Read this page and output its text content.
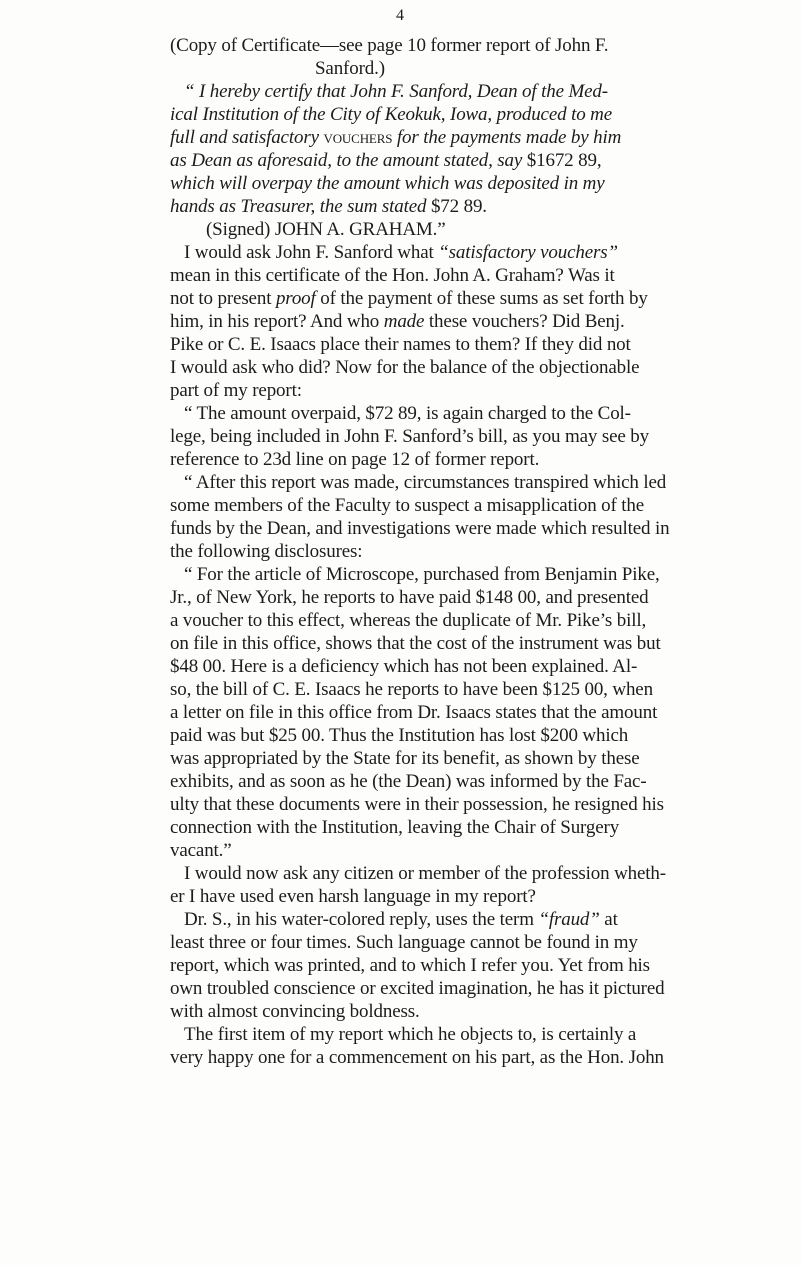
4
(Copy of Certificate—see page 10 former report of John F.
Sanford.)
“ I hereby certify that John F. Sanford, Dean of the Med-
ical Institution of the City of Keokuk, Iowa, produced to me
full and satisfactory vouchers for the payments made by him
as Dean as aforesaid, to the amount stated, say $1672 89,
which will overpay the amount which was deposited in my
hands as Treasurer, the sum stated $72 89.
(Signed) JOHN A. GRAHAM.”
I would ask John F. Sanford what “satisfactory vouchers”
mean in this certificate of the Hon. John A. Graham? Was it
not to present proof of the payment of these sums as set forth by
him, in his report? And who made these vouchers? Did Benj.
Pike or C. E. Isaacs place their names to them? If they did not
I would ask who did? Now for the balance of the objectionable
part of my report:
“ The amount overpaid, $72 89, is again charged to the Col-
lege, being included in John F. Sanford’s bill, as you may see by
reference to 23d line on page 12 of former report.
“ After this report was made, circumstances transpired which led
some members of the Faculty to suspect a misapplication of the
funds by the Dean, and investigations were made which resulted in
the following disclosures:
“ For the article of Microscope, purchased from Benjamin Pike,
Jr., of New York, he reports to have paid $148 00, and presented
a voucher to this effect, whereas the duplicate of Mr. Pike’s bill,
on file in this office, shows that the cost of the instrument was but
$48 00. Here is a deficiency which has not been explained. Al-
so, the bill of C. E. Isaacs he reports to have been $125 00, when
a letter on file in this office from Dr. Isaacs states that the amount
paid was but $25 00. Thus the Institution has lost $200 which
was appropriated by the State for its benefit, as shown by these
exhibits, and as soon as he (the Dean) was informed by the Fac-
ulty that these documents were in their possession, he resigned his
connection with the Institution, leaving the Chair of Surgery
vacant.”
I would now ask any citizen or member of the profession wheth-
er I have used even harsh language in my report?
Dr. S., in his water-colored reply, uses the term “fraud” at
least three or four times. Such language cannot be found in my
report, which was printed, and to which I refer you. Yet from his
own troubled conscience or excited imagination, he has it pictured
with almost convincing boldness.
The first item of my report which he objects to, is certainly a
very happy one for a commencement on his part, as the Hon. John
